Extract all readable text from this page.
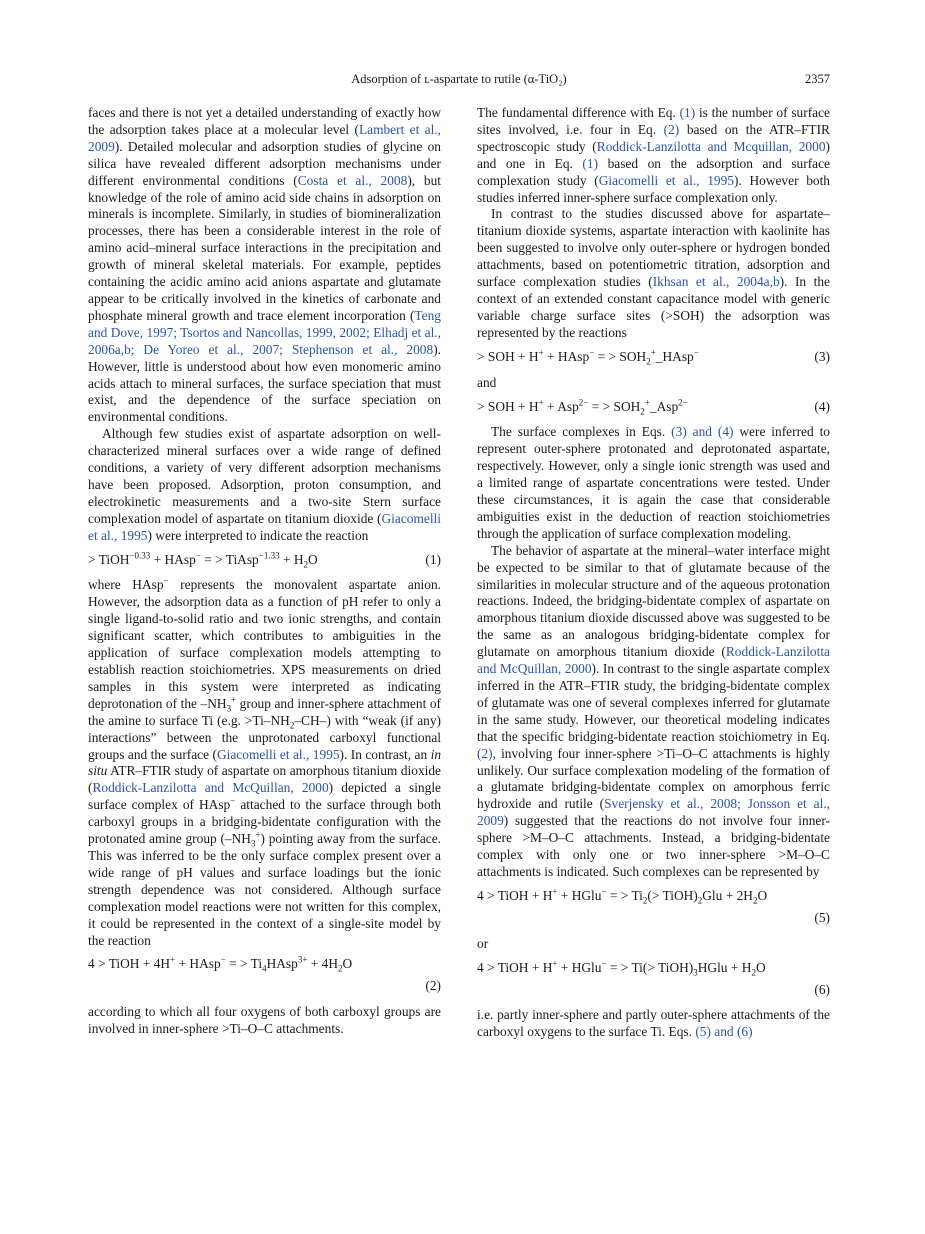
Adsorption of ʟ-aspartate to rutile (α-TiO₂)	2357

faces and there is not yet a detailed understanding of exactly how the adsorption takes place at a molecular level (Lambert et al., 2009). Detailed molecular and adsorption studies of glycine on silica have revealed different adsorption mechanisms under different environmental conditions (Costa et al., 2008), but knowledge of the role of amino acid side chains in adsorption on minerals is incomplete. Similarly, in studies of biomineralization processes, there has been a considerable interest in the role of amino acid–mineral surface interactions in the precipitation and growth of mineral skeletal materials. For example, peptides containing the acidic amino acid anions aspartate and glutamate appear to be critically involved in the kinetics of carbonate and phosphate mineral growth and trace element incorporation (Teng and Dove, 1997; Tsortos and Nancollas, 1999, 2002; Elhadj et al., 2006a,b; De Yoreo et al., 2007; Stephenson et al., 2008). However, little is understood about how even monomeric amino acids attach to mineral surfaces, the surface speciation that must exist, and the dependence of the surface speciation on environmental conditions.

Although few studies exist of aspartate adsorption on well-characterized mineral surfaces over a wide range of defined conditions, a variety of very different adsorption mechanisms have been proposed. Adsorption, proton consumption, and electrokinetic measurements and a two-site Stern surface complexation model of aspartate on titanium dioxide (Giacomelli et al., 1995) were interpreted to indicate the reaction

> TiOH$^{-0.33}$ + HAsp− = > TiAsp$^{-1.33}$ + $H_2O$	(1)

where HAsp− represents the monovalent aspartate anion. However, the adsorption data as a function of pH refer to only a single ligand-to-solid ratio and two ionic strengths, and contain significant scatter, which contributes to ambiguities in the application of surface complexation models attempting to establish reaction stoichiometries. XPS measurements on dried samples in this system were interpreted as indicating deprotonation of the $-NH_3^+$ group and inner-sphere attachment of the amine to surface Ti (e.g. $>Ti-NH_2-CH-$) with “weak (if any) interactions” between the unprotonated carboxyl functional groups and the surface (Giacomelli et al., 1995). In contrast, an in situ ATR–FTIR study of aspartate on amorphous titanium dioxide (Roddick-Lanzilotta and McQuillan, 2000) depicted a single surface complex of HAsp− attached to the surface through both carboxyl groups in a bridging-bidentate configuration with the protonated amine group $(-NH_3^+)$ pointing away from the surface. This was inferred to be the only surface complex present over a wide range of pH values and surface loadings but the ionic strength dependence was not considered. Although surface complexation model reactions were not written for this complex, it could be represented in the context of a single-site model by the reaction

4 > TiOH + 4H+ + HAsp− = > $Ti_4HAsp^{3+} + 4H_2O$
(2)

according to which all four oxygens of both carboxyl groups are involved in inner-sphere >Ti–O–C attachments.

The fundamental difference with Eq. (1) is the number of surface sites involved, i.e. four in Eq. (2) based on the ATR–FTIR spectroscopic study (Roddick-Lanzilotta and Mcquillan, 2000) and one in Eq. (1) based on the adsorption and surface complexation study (Giacomelli et al., 1995). However both studies inferred inner-sphere surface complexation only.

In contrast to the studies discussed above for aspartate–titanium dioxide systems, aspartate interaction with kaolinite has been suggested to involve only outer-sphere or hydrogen bonded attachments, based on potentiometric titration, adsorption and surface complexation studies (Ikhsan et al., 2004a,b). In the context of an extended constant capacitance model with generic variable charge surface sites (>SOH) the adsorption was represented by the reactions

> SOH + H+ + HAsp− = > $SOH_2^+\_HAsp^-$	(3)

and

> SOH + H+ + Asp$^{2-}$ = > $SOH_2^+\_Asp^{2-}$	(4)

The surface complexes in Eqs. (3) and (4) were inferred to represent outer-sphere protonated and deprotonated aspartate, respectively. However, only a single ionic strength was used and a limited range of aspartate concentrations were tested. Under these circumstances, it is again the case that considerable ambiguities exist in the deduction of reaction stoichiometries through the application of surface complexation modeling.

The behavior of aspartate at the mineral–water interface might be expected to be similar to that of glutamate because of the similarities in molecular structure and of the aqueous protonation reactions. Indeed, the bridging-bidentate complex of aspartate on amorphous titanium dioxide discussed above was suggested to be the same as an analogous bridging-bidentate complex for glutamate on amorphous titanium dioxide (Roddick-Lanzilotta and McQuillan, 2000). In contrast to the single aspartate complex inferred in the ATR–FTIR study, the bridging-bidentate complex of glutamate was one of several complexes inferred for glutamate in the same study. However, our theoretical modeling indicates that the specific bridging-bidentate reaction stoichiometry in Eq. (2), involving four inner-sphere >Ti–O–C attachments is highly unlikely. Our surface complexation modeling of the formation of a glutamate bridging-bidentate complex on amorphous ferric hydroxide and rutile (Sverjensky et al., 2008; Jonsson et al., 2009) suggested that the reactions do not involve four inner-sphere >M–O–C attachments. Instead, a bridging-bidentate complex with only one or two inner-sphere >M–O–C attachments is indicated. Such complexes can be represented by

4 > TiOH + H+ + HGlu− = > $Ti_2(>$ $TiOH)_2Glu + 2H_2O$
(5)

or

4 > TiOH + H+ + HGlu− = > $Ti(> TiOH)_3HGlu + H_2O$
(6)

i.e. partly inner-sphere and partly outer-sphere attachments of the carboxyl oxygens to the surface Ti. Eqs. (5) and (6)
